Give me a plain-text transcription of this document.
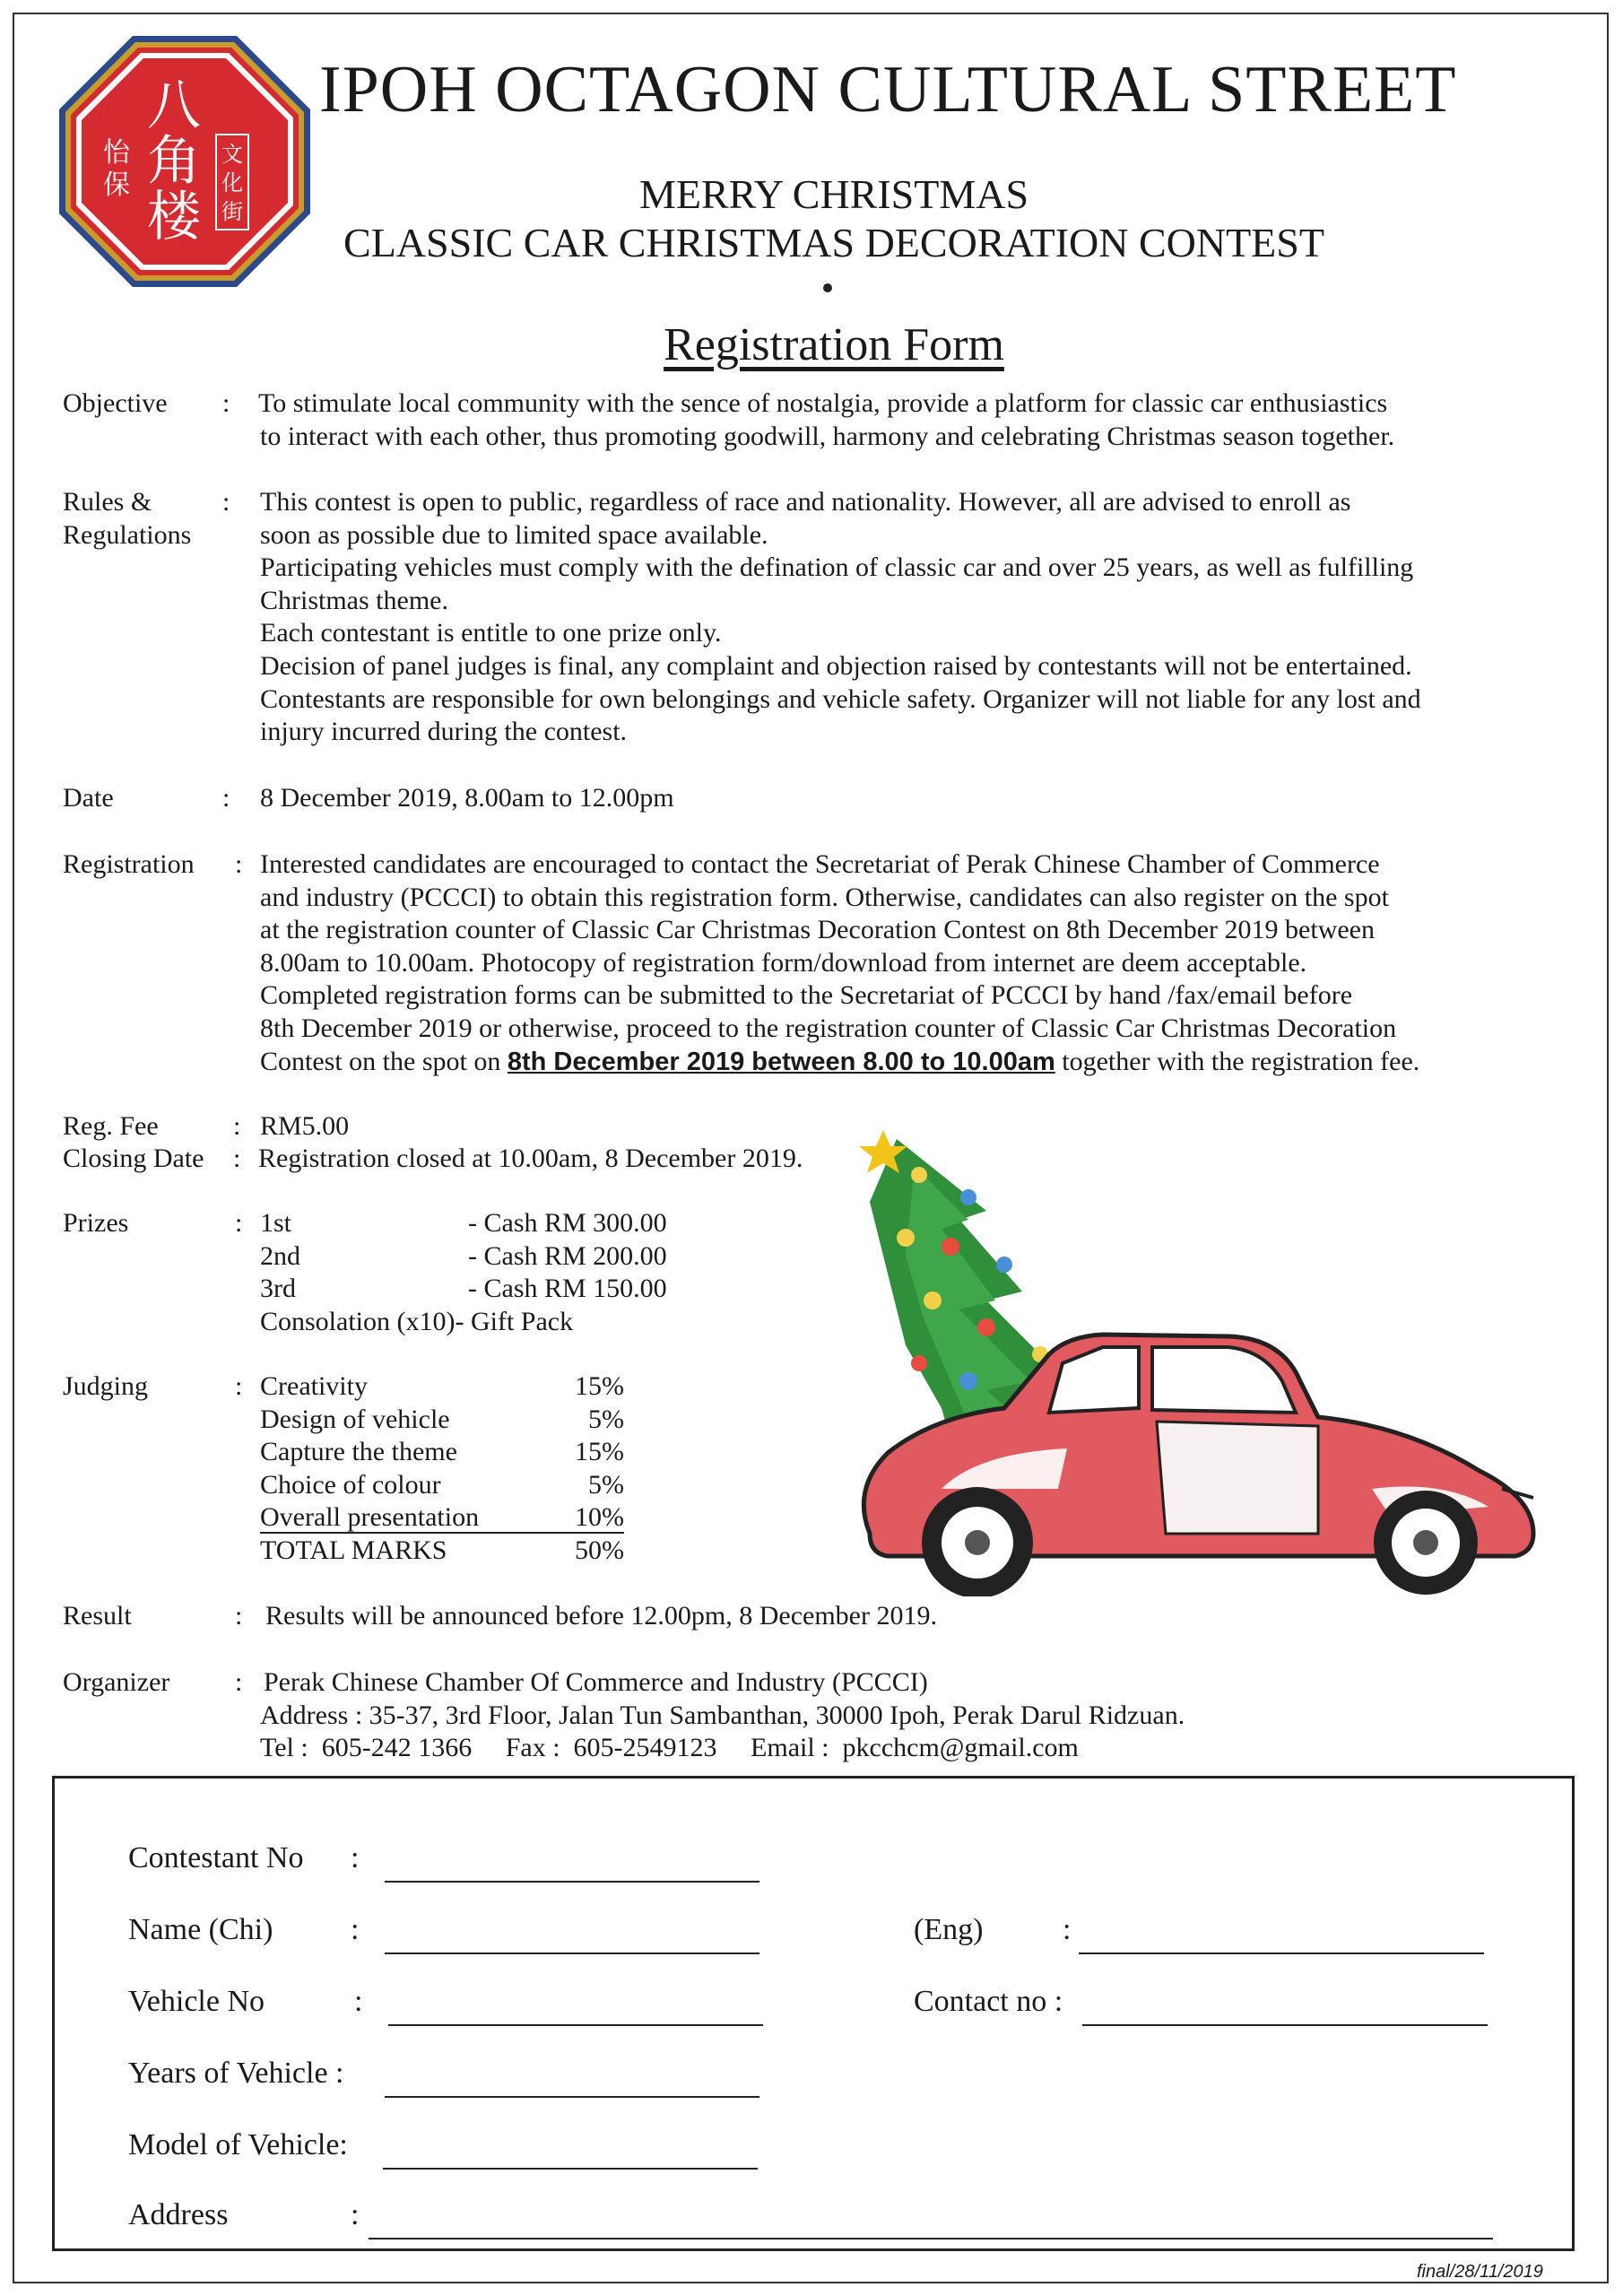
八
角
楼
怡
保
文
化
街
IPOH OCTAGON CULTURAL STREET
MERRY CHRISTMAS
CLASSIC CAR CHRISTMAS DECORATION CONTEST
Registration Form
Objective	: To stimulate local community with the sence of nostalgia, provide a platform for classic car enthusiastics
to interact with each other, thus promoting goodwill, harmony and celebrating Christmas season together.
Rules &
Regulations
: This contest is open to public, regardless of race and nationality. However, all are advised to enroll as
soon as possible due to limited space available.
Participating vehicles must comply with the defination of classic car and over 25 years, as well as fulfilling
Christmas theme.
Each contestant is entitle to one prize only.
Decision of panel judges is final, any complaint and objection raised by contestants will not be entertained.
Contestants are responsible for own belongings and vehicle safety. Organizer will not liable for any lost and
injury incurred during the contest.
Date	: 8 December 2019, 8.00am to 12.00pm
Registration	: Interested candidates are encouraged to contact the Secretariat of Perak Chinese Chamber of Commerce
and industry (PCCCI) to obtain this registration form. Otherwise, candidates can also register on the spot
at the registration counter of Classic Car Christmas Decoration Contest on 8th December 2019 between
8.00am to 10.00am. Photocopy of registration form/download from internet are deem acceptable.
Completed registration forms can be submitted to the Secretariat of PCCCI by hand /fax/email before
8th December 2019 or otherwise, proceed to the registration counter of Classic Car Christmas Decoration
Contest on the spot on 8th December 2019 between 8.00 to 10.00am together with the registration fee.
Reg. Fee	: RM5.00
Closing Date	: Registration closed at 10.00am, 8 December 2019.
Prizes	: 1st	- Cash RM 300.00
2nd	- Cash RM 200.00
3rd	- Cash RM 150.00
Consolation (x10)- Gift Pack
Judging	: Creativity	15%
Design of vehicle	5%
Capture the theme	15%
Choice of colour	5%
Overall presentation	10%
TOTAL MARKS	50%
Result	: Results will be announced before 12.00pm, 8 December 2019.
Organizer	: Perak Chinese Chamber Of Commerce and Industry (PCCCI)
Address : 35-37, 3rd Floor, Jalan Tun Sambanthan, 30000 Ipoh, Perak Darul Ridzuan.
Tel :  605-242 1366     Fax :  605-2549123     Email :  pkcchcm@gmail.com
Contestant No :
Name (Chi)	:	(Eng)	:
Vehicle No	:	Contact no :
Years of Vehicle :
Model of Vehicle:
Address	:
final/28/11/2019
